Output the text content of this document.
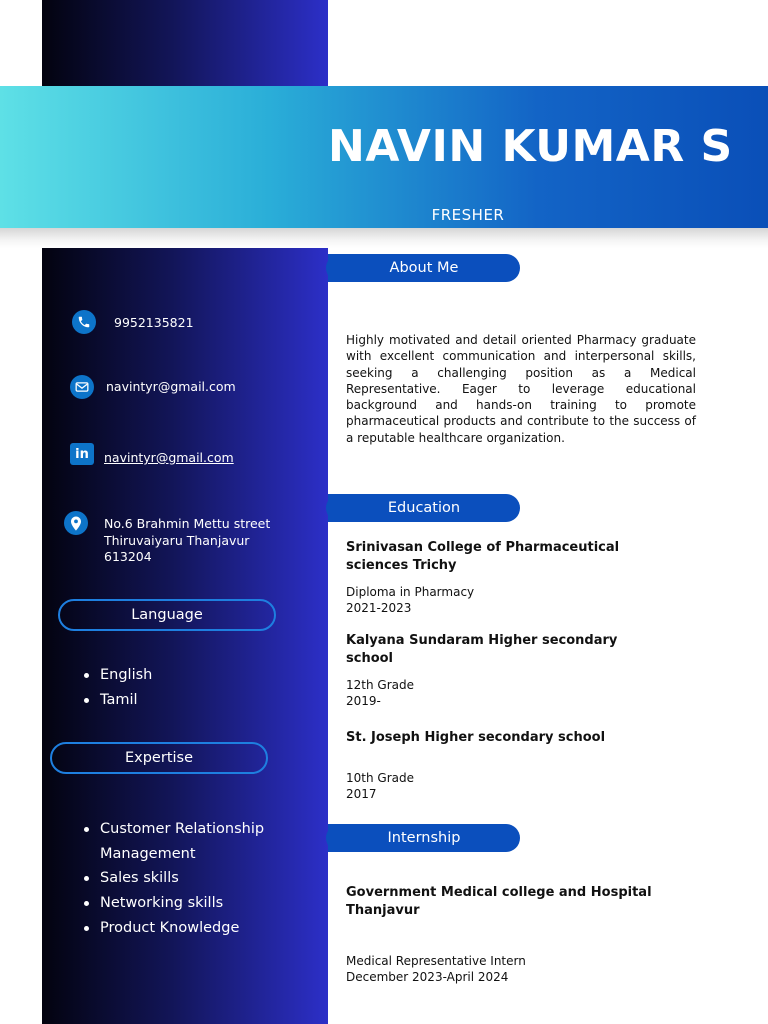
NAVIN KUMAR S
FRESHER
9952135821
navintyr@gmail.com
in	navintyr@gmail.com
No.6 Brahmin Mettu street
Thiruvaiyaru Thanjavur
613204
Language
English
Tamil
Expertise
Customer Relationship
Management
Sales skills
Networking skills
Product Knowledge
About Me
Highly motivated and detail oriented Pharmacy graduate with excellent communication and interpersonal skills, seeking a challenging position as a Medical Representative. Eager to leverage educational background and hands-on training to promote pharmaceutical products and contribute to the success of a reputable healthcare organization.
Education
Srinivasan College of Pharmaceutical
sciences Trichy
Diploma in Pharmacy
2021-2023
Kalyana Sundaram Higher secondary
school
12th Grade
2019-
St. Joseph Higher secondary school
10th Grade
2017
Internship
Government Medical college and Hospital
Thanjavur
Medical Representative Intern
December 2023-April 2024
